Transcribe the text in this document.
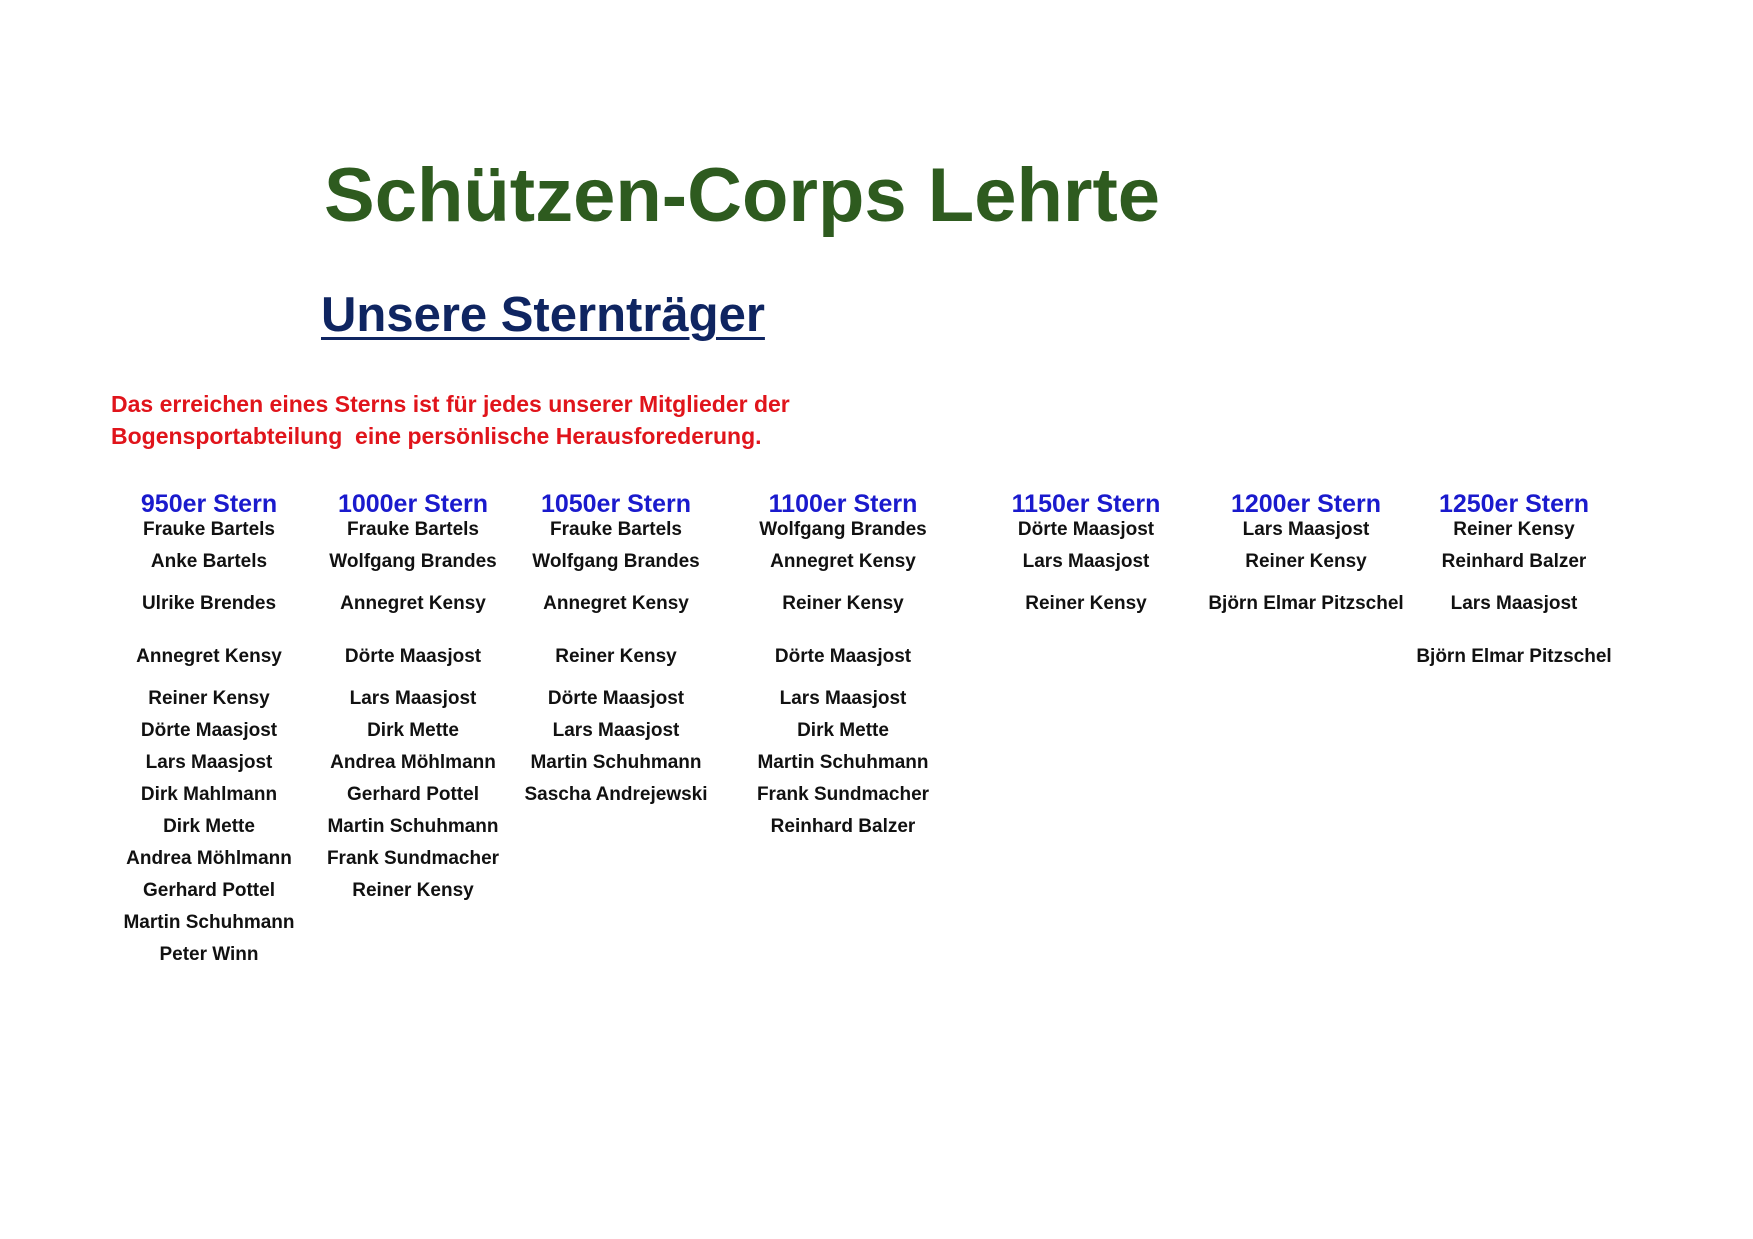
Schützen-Corps Lehrte
Unsere Sternträger

Das erreichen eines Sterns ist für jedes unserer Mitglieder der
Bogensportabteilung  eine persönlische Herausforederung.

950er Stern
Frauke Bartels
Anke Bartels
Ulrike Brendes
Annegret Kensy
Reiner Kensy
Dörte Maasjost
Lars Maasjost
Dirk Mahlmann
Dirk Mette
Andrea Möhlmann
Gerhard Pottel
Martin Schuhmann
Peter Winn
1000er Stern
Frauke Bartels
Wolfgang Brandes
Annegret Kensy
Dörte Maasjost
Lars Maasjost
Dirk Mette
Andrea Möhlmann
Gerhard Pottel
Martin Schuhmann
Frank Sundmacher
Reiner Kensy
1050er Stern
Frauke Bartels
Wolfgang Brandes
Annegret Kensy
Reiner Kensy
Dörte Maasjost
Lars Maasjost
Martin Schuhmann
Sascha Andrejewski
1100er Stern
Wolfgang Brandes
Annegret Kensy
Reiner Kensy
Dörte Maasjost
Lars Maasjost
Dirk Mette
Martin Schuhmann
Frank Sundmacher
Reinhard Balzer
1150er Stern
Dörte Maasjost
Lars Maasjost
Reiner Kensy
1200er Stern
Lars Maasjost
Reiner Kensy
Björn Elmar Pitzschel
1250er Stern
Reiner Kensy
Reinhard Balzer
Lars Maasjost
Björn Elmar Pitzschel
